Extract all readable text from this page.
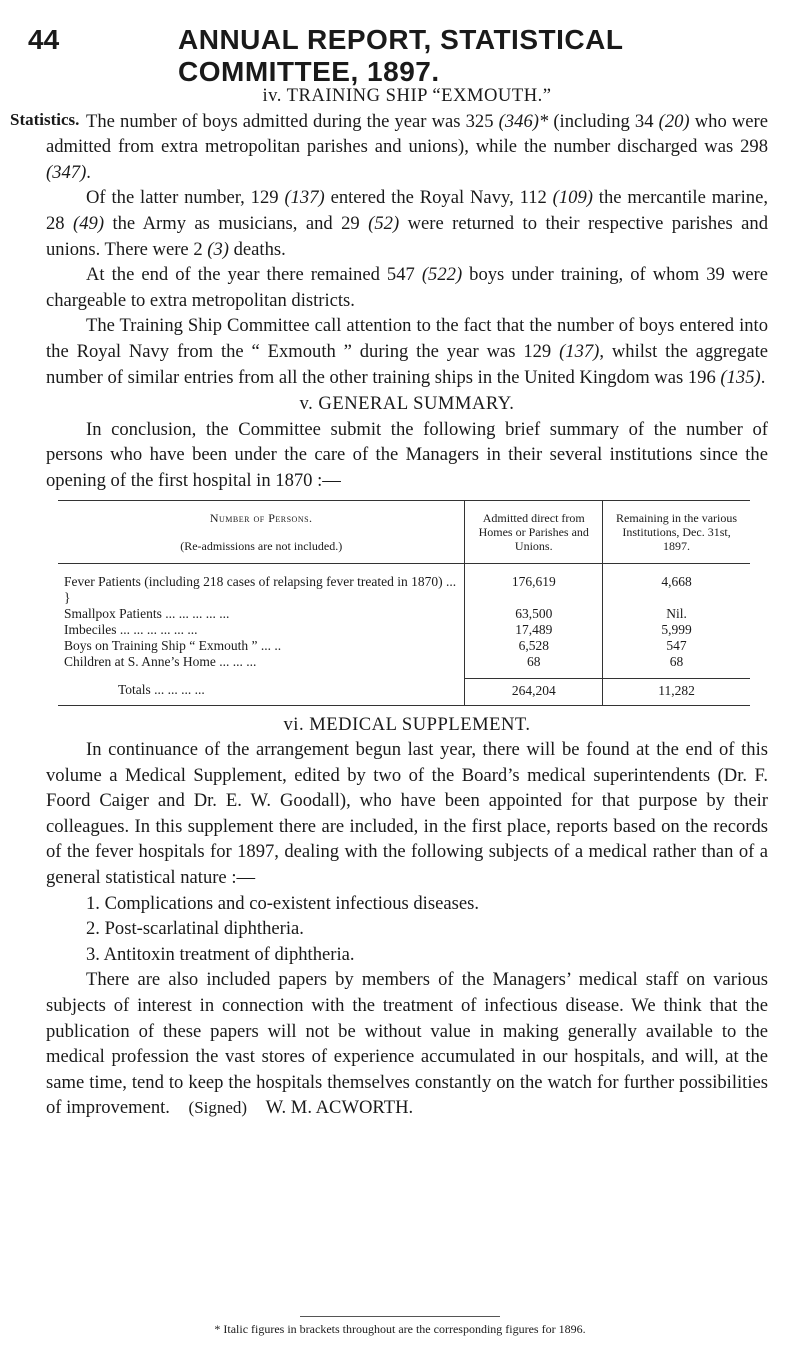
44	ANNUAL REPORT, STATISTICAL COMMITTEE, 1897.
Statistics.
iv. TRAINING SHIP “EXMOUTH.”

The number of boys admitted during the year was 325 (346)* (including 34 (20) who were admitted from extra metropolitan parishes and unions), while the number discharged was 298 (347).

Of the latter number, 129 (137) entered the Royal Navy, 112 (109) the mercantile marine, 28 (49) the Army as musicians, and 29 (52) were returned to their respective parishes and unions. There were 2 (3) deaths.

At the end of the year there remained 547 (522) boys under training, of whom 39 were chargeable to extra metropolitan districts.

The Training Ship Committee call attention to the fact that the number of boys entered into the Royal Navy from the “ Exmouth ” during the year was 129 (137), whilst the aggregate number of similar entries from all the other training ships in the United Kingdom was 196 (135).

v. GENERAL SUMMARY.

In conclusion, the Committee submit the following brief summary of the number of persons who have been under the care of the Managers in their several institutions since the opening of the first hospital in 1870 :—

Number of Persons.

(Re-admissions are not included.)	Admitted direct from Homes or Parishes and Unions.	Remaining in the various Institutions, Dec. 31st, 1897.
Fever Patients (including 218 cases of relapsing fever treated in 1870) ... }	176,619	4,668
Smallpox Patients ... ... ... ... ...	63,500	Nil.
Imbeciles ... ... ... ... ... ...	17,489	5,999
Boys on Training Ship “ Exmouth ” ... ..	6,528	547
Children at S. Anne’s Home ... ... ...	68	68
Totals ... ... ... ...	264,204	11,282
vi. MEDICAL SUPPLEMENT.

In continuance of the arrangement begun last year, there will be found at the end of this volume a Medical Supplement, edited by two of the Board’s medical superintendents (Dr. F. Foord Caiger and Dr. E. W. Goodall), who have been appointed for that purpose by their colleagues. In this supplement there are included, in the first place, reports based on the records of the fever hospitals for 1897, dealing with the following subjects of a medical rather than of a general statistical nature :—

1. Complications and co-existent infectious diseases.

2. Post-scarlatinal diphtheria.

3. Antitoxin treatment of diphtheria.

There are also included papers by members of the Managers’ medical staff on various subjects of interest in connection with the treatment of infectious disease. We think that the publication of these papers will not be without value in making generally available to the medical profession the vast stores of experience accumulated in our hospitals, and will, at the same time, tend to keep the hospitals themselves constantly on the watch for further possibilities of improvement. (Signed) W. M. ACWORTH.

* Italic figures in brackets throughout are the corresponding figures for 1896.
